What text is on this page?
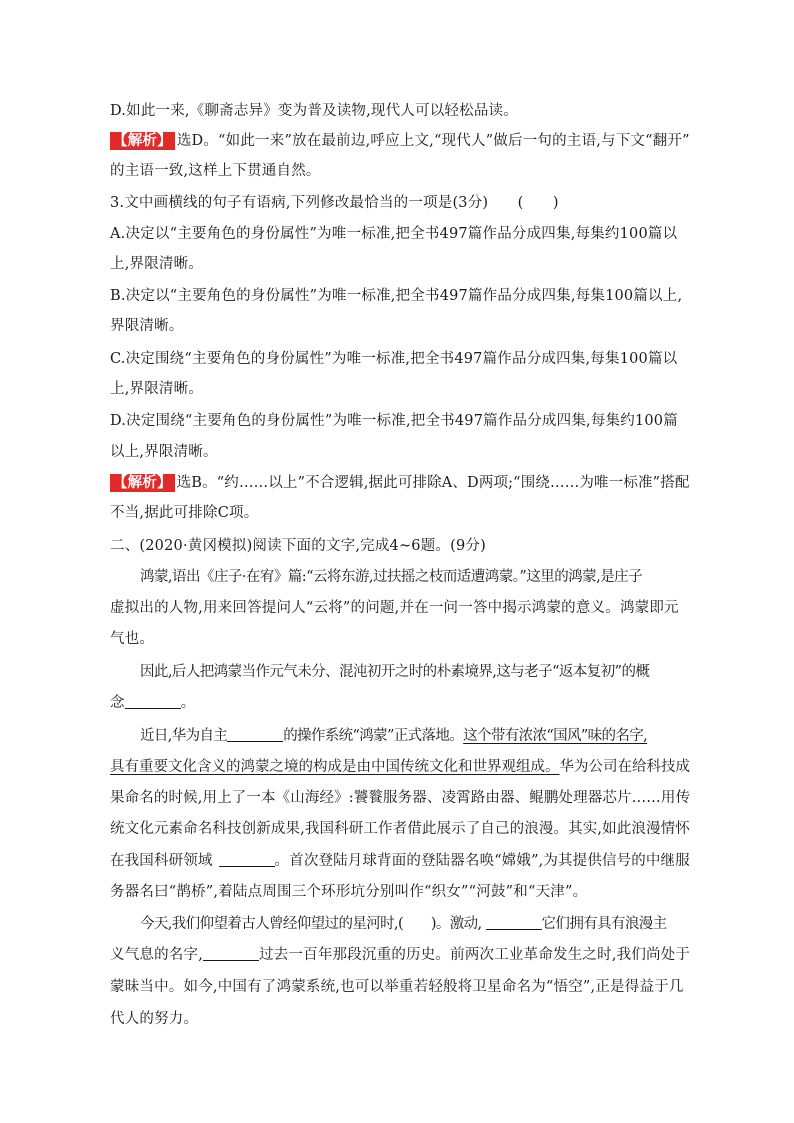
D.如此一来,《聊斋志异》变为普及读物,现代人可以轻松品读。
【解析】 选D。“如此一来”放在最前边,呼应上文,“现代人”做后一句的主语,与下文“翻开”
的主语一致,这样上下贯通自然。
3.文中画横线的句子有语病,下列修改最恰当的一项是(3分)　　(　　)
A.决定以“主要角色的身份属性”为唯一标准,把全书497篇作品分成四集,每集约100篇以
上,界限清晰。
B.决定以“主要角色的身份属性”为唯一标准,把全书497篇作品分成四集,每集100篇以上,
界限清晰。
C.决定围绕“主要角色的身份属性”为唯一标准,把全书497篇作品分成四集,每集100篇以
上,界限清晰。
D.决定围绕“主要角色的身份属性”为唯一标准,把全书497篇作品分成四集,每集约100篇
以上,界限清晰。
【解析】 选B。“约……以上”不合逻辑,据此可排除A、D两项;“围绕……为唯一标准”搭配
不当,据此可排除C项。
二、(2020·黄冈模拟)阅读下面的文字,完成4~6题。(9分)
鸿蒙,语出《庄子·在宥》篇:“云将东游,过扶摇之枝而适遭鸿蒙。”这里的鸿蒙,是庄子
虚拟出的人物,用来回答提问人“云将”的问题,并在一问一答中揭示鸿蒙的意义。鸿蒙即元
气也。
因此,后人把鸿蒙当作元气未分、混沌初开之时的朴素境界,这与老子“返本复初”的概
念	。
近日,华为自主	的操作系统“鸿蒙”正式落地。这个带有浓浓“国风”味的名字,
具有重要文化含义的鸿蒙之境的构成是由中国传统文化和世界观组成。华为公司在给科技成
果命名的时候,用上了一本《山海经》:饕餮服务器、凌霄路由器、鲲鹏处理器芯片……用传
统文化元素命名科技创新成果,我国科研工作者借此展示了自己的浪漫。其实,如此浪漫情怀
在我国科研领域	。首次登陆月球背面的登陆器名唤“嫦娥”,为其提供信号的中继服
务器名曰“鹊桥”,着陆点周围三个环形坑分别叫作“织女”“河鼓”和“天津”。
今天,我们仰望着古人曾经仰望过的星河时,(　　)。激动,	它们拥有具有浪漫主
义气息的名字,	过去一百年那段沉重的历史。前两次工业革命发生之时,我们尚处于
蒙昧当中。如今,中国有了鸿蒙系统,也可以举重若轻般将卫星命名为“悟空”,正是得益于几
代人的努力。
